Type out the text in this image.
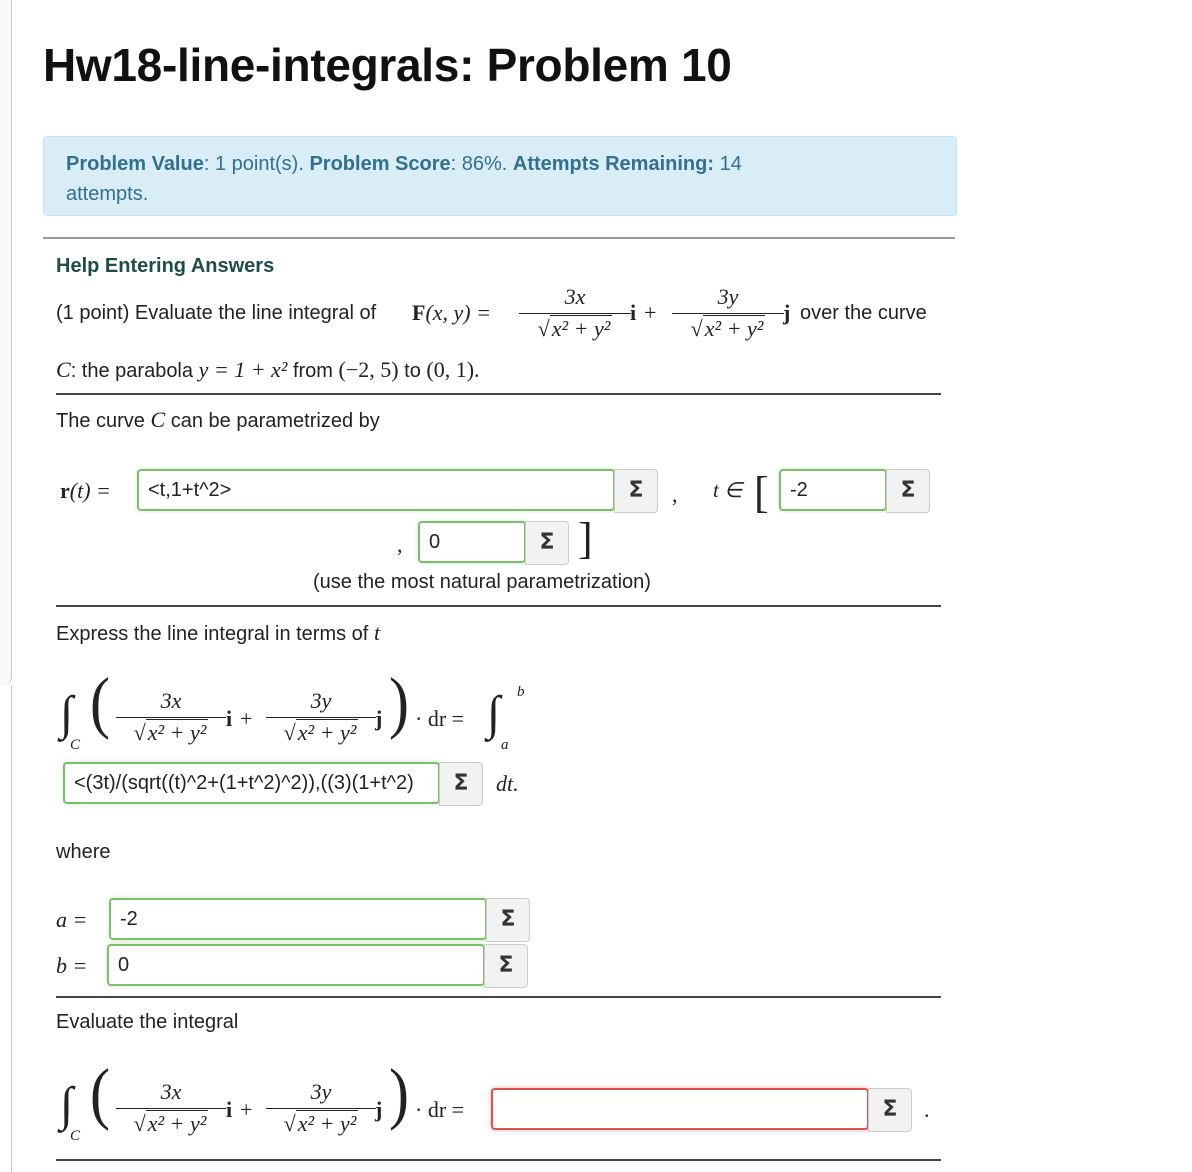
Hw18-line-integrals: Problem 10
Problem Value: 1 point(s). Problem Score: 86%. Attempts Remaining: 14
attempts.
Help Entering Answers
(1 point) Evaluate the line integral of F(x, y) =
3x
√x² + y²
i +
3y
√x² + y²
j over the curve
C: the parabola y = 1 + x² from (−2, 5) to (0, 1).
The curve C can be parametrized by
r(t) =	<t,1+t^2>	Σ	, t ∈ [	-2	Σ
,	0	Σ ]
(use the most natural parametrization)
Express the line integral in terms of t
∫
C
(	3x
√x² + y²
i +
3y
√x² + y²
j ) · dr = ∫ b
a
<(3t)/(sqrt((t)^2+(1+t^2)^2)),((3)(1+t^2)	Σ	dt.
where
a =	-2	Σ
b =	0	Σ
Evaluate the integral
∫
C
(	3x
√x² + y²
i +
3y
√x² + y²
j ) · dr =	Σ	.
